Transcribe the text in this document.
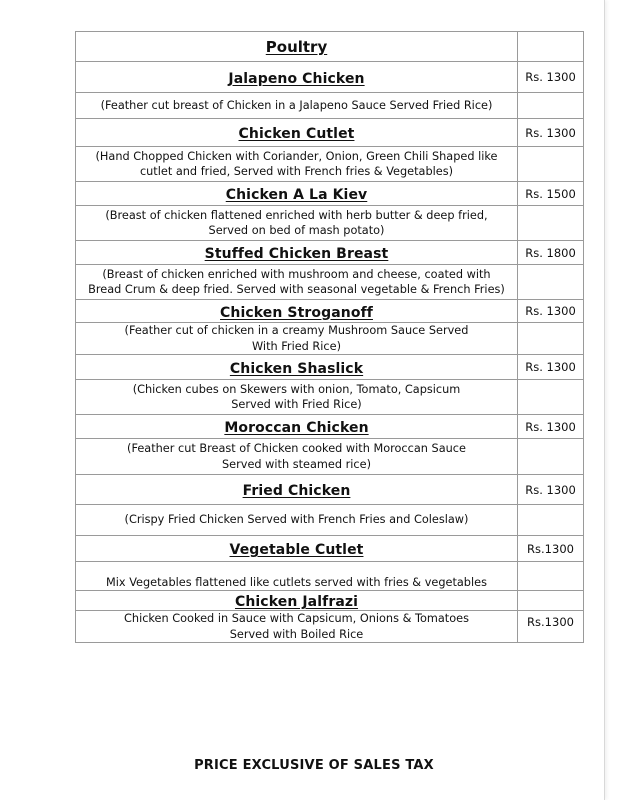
Poultry	
Jalapeno Chicken	Rs. 1300
(Feather cut breast of Chicken in a Jalapeno Sauce Served Fried Rice)	
Chicken Cutlet	Rs. 1300

(Hand Chopped Chicken with Coriander, Onion, Green Chili Shaped like
cutlet and fried, Served with French fries & Vegetables)	

Chicken A La Kiev	Rs. 1500

(Breast of chicken flattened enriched with herb butter & deep fried,
Served on bed of mash potato)	

Stuffed Chicken Breast	Rs. 1800

(Breast of chicken enriched with mushroom and cheese, coated with
Bread Crum & deep fried. Served with seasonal vegetable & French Fries)	

Chicken Stroganoff	Rs. 1300

(Feather cut of chicken in a creamy Mushroom Sauce Served
With Fried Rice)	

Chicken Shaslick	Rs. 1300

(Chicken cubes on Skewers with onion, Tomato, Capsicum
Served with Fried Rice)	

Moroccan Chicken	Rs. 1300

(Feather cut Breast of Chicken cooked with Moroccan Sauce
Served with steamed rice)	

Fried Chicken	Rs. 1300
(Crispy Fried Chicken Served with French Fries and Coleslaw)	
Vegetable Cutlet	Rs.1300
Mix Vegetables flattened like cutlets served with fries & vegetables	
Chicken Jalfrazi	

Chicken Cooked in Sauce with Capsicum, Onions & Tomatoes
Served with Boiled Rice	Rs.1300
PRICE EXCLUSIVE OF SALES TAX
